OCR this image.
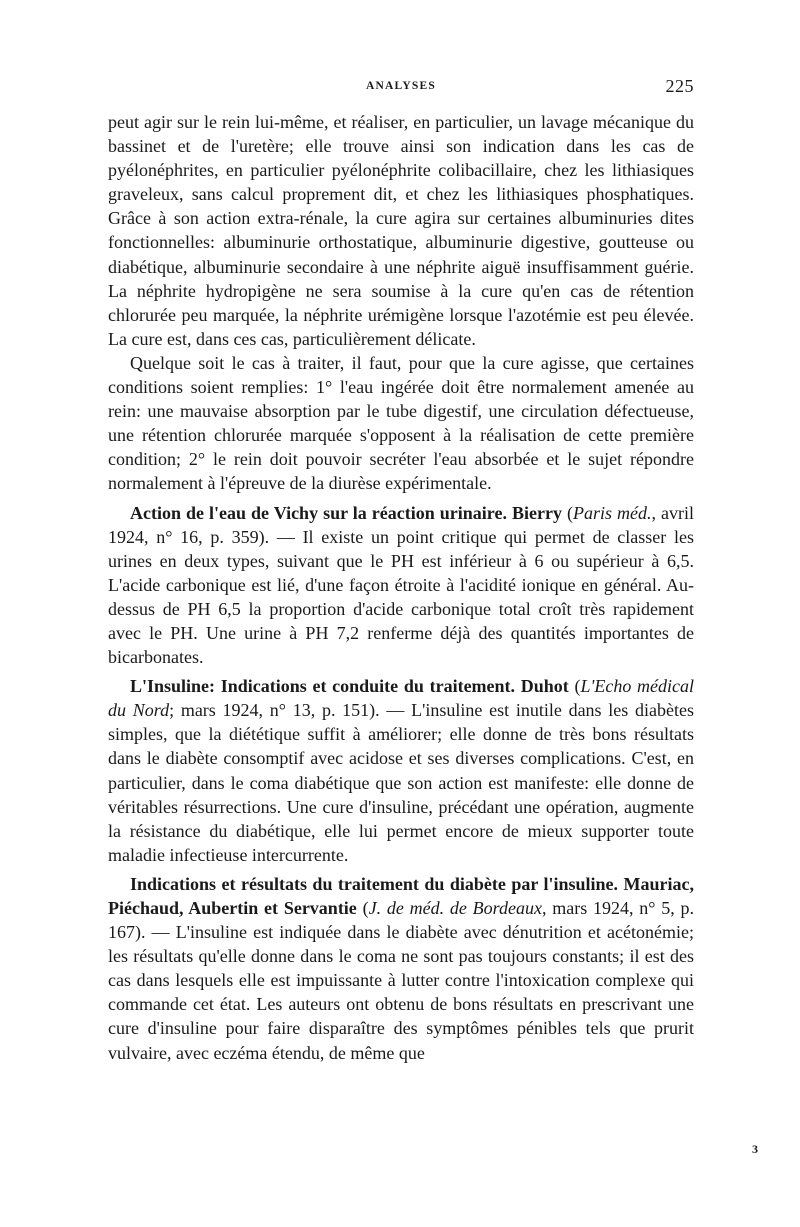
ANALYSES	225

peut agir sur le rein lui-même, et réaliser, en particulier, un lavage mécanique du bassinet et de l'uretère; elle trouve ainsi son indication dans les cas de pyélonéphrites, en particulier pyélonéphrite colibacillaire, chez les lithiasiques graveleux, sans calcul proprement dit, et chez les lithiasiques phosphatiques. Grâce à son action extra-rénale, la cure agira sur certaines albuminuries dites fonctionnelles: albuminurie orthostatique, albuminurie digestive, goutteuse ou diabétique, albuminurie secondaire à une néphrite aiguë insuffisamment guérie. La néphrite hydropigène ne sera soumise à la cure qu'en cas de rétention chlorurée peu marquée, la néphrite urémigène lorsque l'azotémie est peu élevée. La cure est, dans ces cas, particulièrement délicate.

Quelque soit le cas à traiter, il faut, pour que la cure agisse, que certaines conditions soient remplies: 1° l'eau ingérée doit être normalement amenée au rein: une mauvaise absorption par le tube digestif, une circulation défectueuse, une rétention chlorurée marquée s'opposent à la réalisation de cette première condition; 2° le rein doit pouvoir secréter l'eau absorbée et le sujet répondre normalement à l'épreuve de la diurèse expérimentale.

Action de l'eau de Vichy sur la réaction urinaire. Bierry (Paris méd., avril 1924, n° 16, p. 359). — Il existe un point critique qui permet de classer les urines en deux types, suivant que le PH est inférieur à 6 ou supérieur à 6,5. L'acide carbonique est lié, d'une façon étroite à l'acidité ionique en général. Au-dessus de PH 6,5 la proportion d'acide carbonique total croît très rapidement avec le PH. Une urine à PH 7,2 renferme déjà des quantités importantes de bicarbonates.

L'Insuline: Indications et conduite du traitement. Duhot (L'Echo médical du Nord; mars 1924, n° 13, p. 151). — L'insuline est inutile dans les diabètes simples, que la diététique suffit à améliorer; elle donne de très bons résultats dans le diabète consomptif avec acidose et ses diverses complications. C'est, en particulier, dans le coma diabétique que son action est manifeste: elle donne de véritables résurrections. Une cure d'insuline, précédant une opération, augmente la résistance du diabétique, elle lui permet encore de mieux supporter toute maladie infectieuse intercurrente.

Indications et résultats du traitement du diabète par l'insuline. Mauriac, Piéchaud, Aubertin et Servantie (J. de méd. de Bordeaux, mars 1924, n° 5, p. 167). — L'insuline est indiquée dans le diabète avec dénutrition et acétonémie; les résultats qu'elle donne dans le coma ne sont pas toujours constants; il est des cas dans lesquels elle est impuissante à lutter contre l'intoxication complexe qui commande cet état. Les auteurs ont obtenu de bons résultats en prescrivant une cure d'insuline pour faire disparaître des symptômes pénibles tels que prurit vulvaire, avec eczéma étendu, de même que

3
